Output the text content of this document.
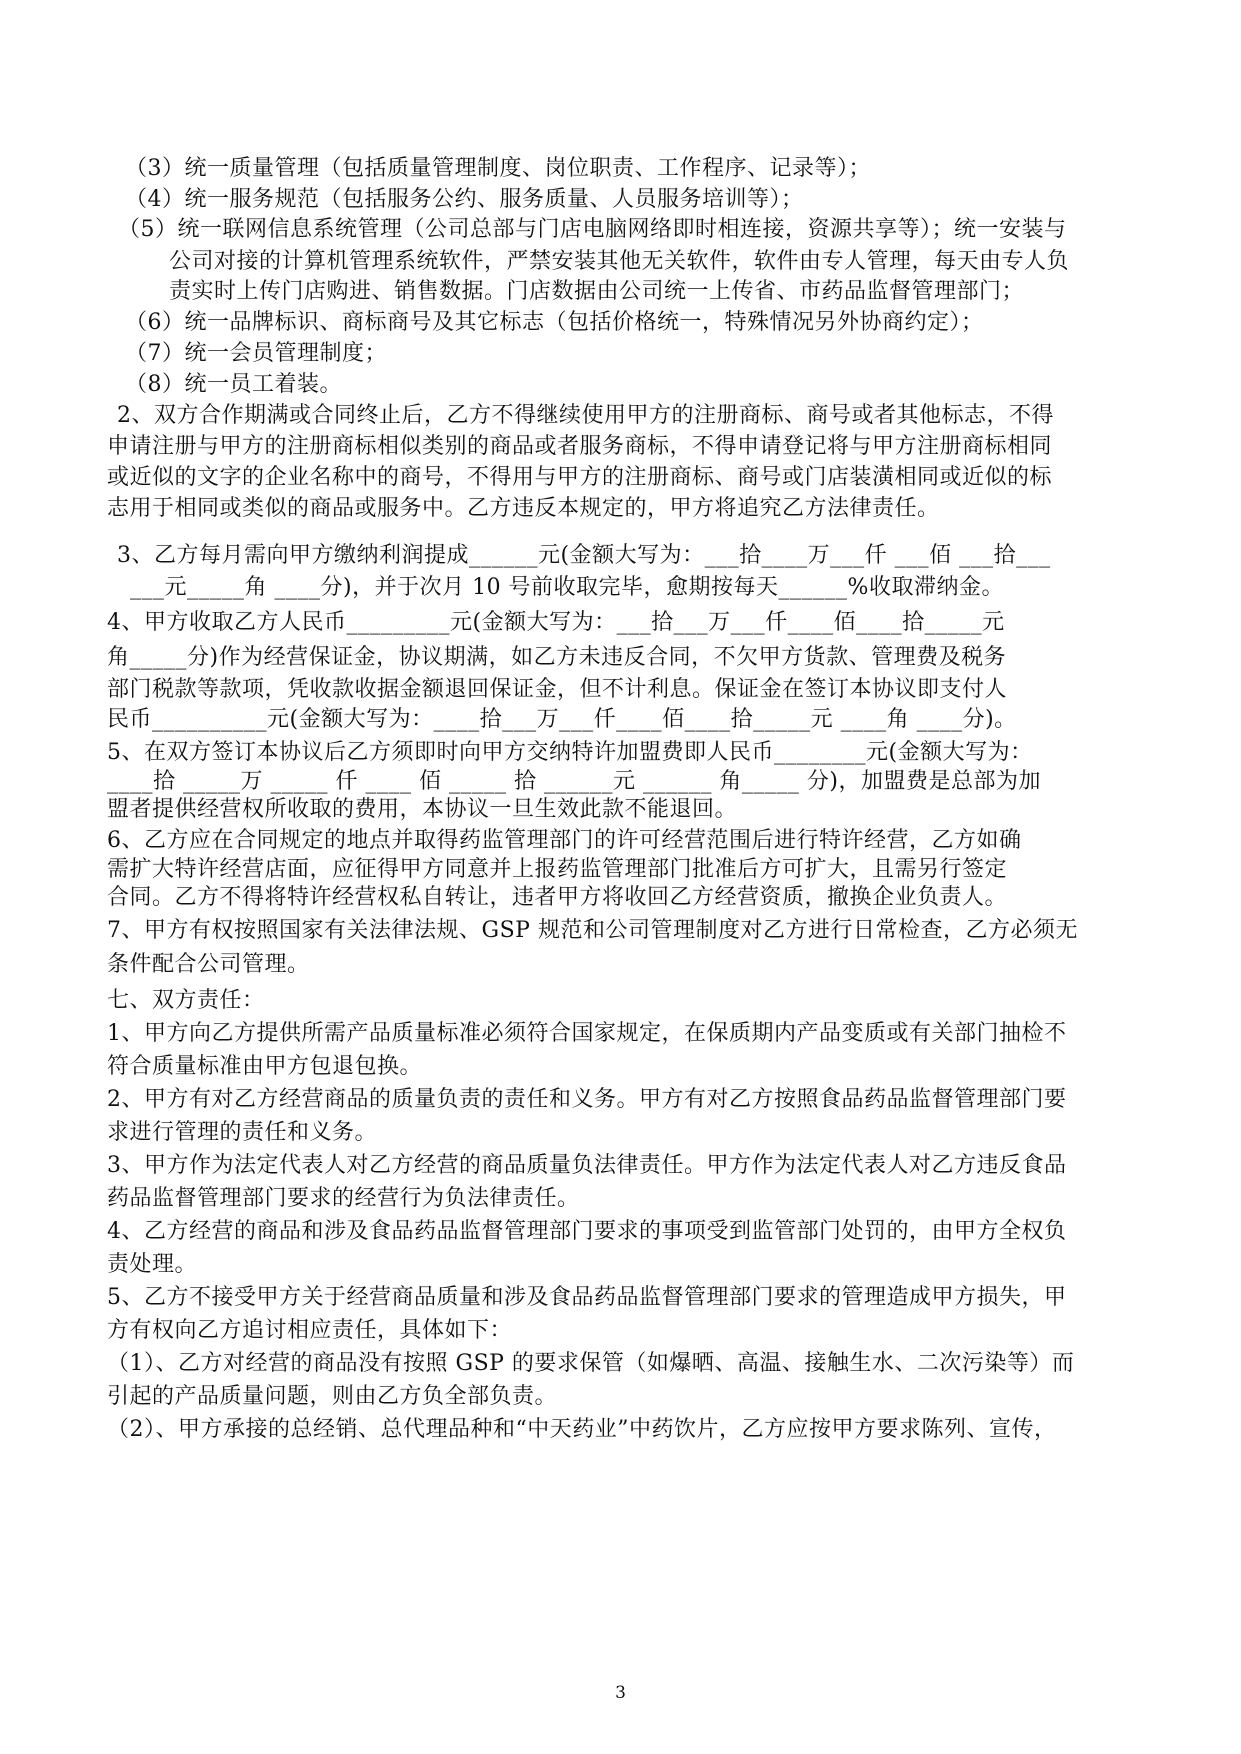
（3）统一质量管理（包括质量管理制度、岗位职责、工作程序、记录等）；
（4）统一服务规范（包括服务公约、服务质量、人员服务培训等）；
（5）统一联网信息系统管理（公司总部与门店电脑网络即时相连接，资源共享等）；统一安装与
公司对接的计算机管理系统软件，严禁安装其他无关软件，软件由专人管理，每天由专人负
责实时上传门店购进、销售数据。门店数据由公司统一上传省、市药品监督管理部门；
（6）统一品牌标识、商标商号及其它标志（包括价格统一，特殊情况另外协商约定）；
（7）统一会员管理制度；
（8）统一员工着装。
2、双方合作期满或合同终止后，乙方不得继续使用甲方的注册商标、商号或者其他标志，不得
申请注册与甲方的注册商标相似类别的商品或者服务商标，不得申请登记将与甲方注册商标相同
或近似的文字的企业名称中的商号，不得用与甲方的注册商标、商号或门店装潢相同或近似的标
志用于相同或类似的商品或服务中。乙方违反本规定的，甲方将追究乙方法律责任。
3、乙方每月需向甲方缴纳利润提成______元(金额大写为：___拾____万___仟 ___佰 ___拾___
___元_____角 ____分)，并于次月 10 号前收取完毕，愈期按每天______%收取滞纳金。
4、甲方收取乙方人民币_________元(金额大写为：___拾___万___仟____佰____拾_____元
角_____分)作为经营保证金，协议期满，如乙方未违反合同，不欠甲方货款、管理费及税务
部门税款等款项，凭收款收据金额退回保证金，但不计利息。保证金在签订本协议即支付人
民币__________元(金额大写为：____拾___万___仟____佰____拾_____元 ____角 ____分)。
5、在双方签订本协议后乙方须即时向甲方交纳特许加盟费即人民币________元(金额大写为：
____拾 _____万 _____ 仟 ____ 佰 _____ 拾 ______元 ______ 角_____ 分)，加盟费是总部为加
盟者提供经营权所收取的费用，本协议一旦生效此款不能退回。
6、乙方应在合同规定的地点并取得药监管理部门的许可经营范围后进行特许经营，乙方如确
需扩大特许经营店面，应征得甲方同意并上报药监管理部门批准后方可扩大，且需另行签定
合同。乙方不得将特许经营权私自转让，违者甲方将收回乙方经营资质，撤换企业负责人。
7、甲方有权按照国家有关法律法规、GSP 规范和公司管理制度对乙方进行日常检查，乙方必须无
条件配合公司管理。
七、双方责任：
1、甲方向乙方提供所需产品质量标准必须符合国家规定，在保质期内产品变质或有关部门抽检不
符合质量标准由甲方包退包换。
2、甲方有对乙方经营商品的质量负责的责任和义务。甲方有对乙方按照食品药品监督管理部门要
求进行管理的责任和义务。
3、甲方作为法定代表人对乙方经营的商品质量负法律责任。甲方作为法定代表人对乙方违反食品
药品监督管理部门要求的经营行为负法律责任。
4、乙方经营的商品和涉及食品药品监督管理部门要求的事项受到监管部门处罚的，由甲方全权负
责处理。
5、乙方不接受甲方关于经营商品质量和涉及食品药品监督管理部门要求的管理造成甲方损失，甲
方有权向乙方追讨相应责任，具体如下：
（1）、乙方对经营的商品没有按照 GSP 的要求保管（如爆晒、高温、接触生水、二次污染等）而
引起的产品质量问题，则由乙方负全部负责。
（2）、甲方承接的总经销、总代理品种和“中天药业”中药饮片，乙方应按甲方要求陈列、宣传，
3
